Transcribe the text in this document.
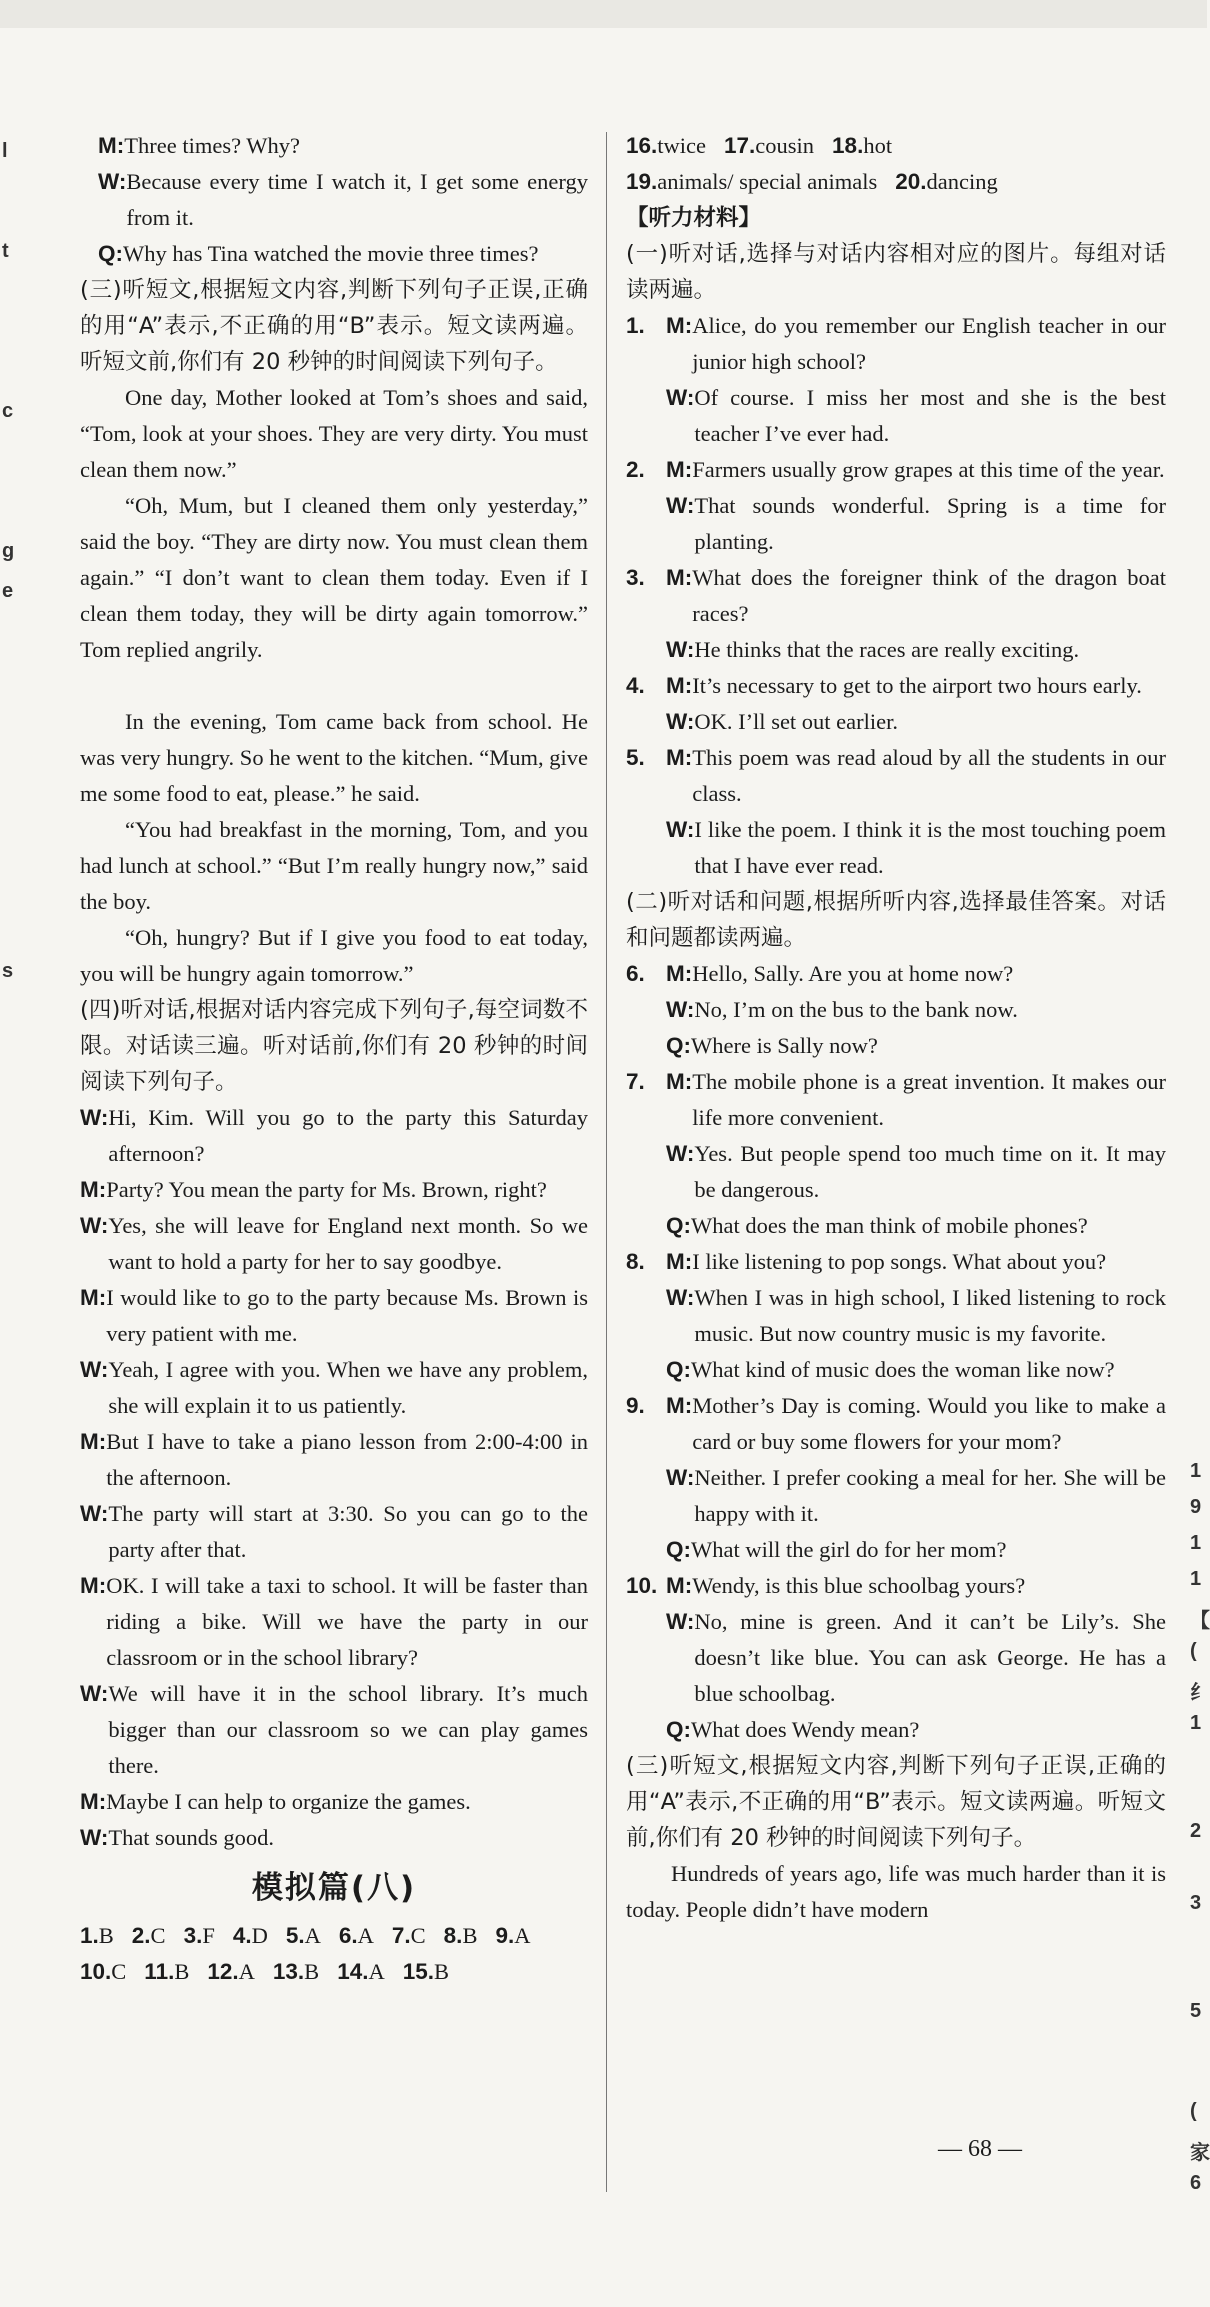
M: Three times? Why?
W: Because every time I watch it, I get some energy from it.
Q: Why has Tina watched the movie three times?
(三)听短文,根据短文内容,判断下列句子正误,正确的用“A”表示,不正确的用“B”表示。短文读两遍。听短文前,你们有 20 秒钟的时间阅读下列句子。
One day, Mother looked at Tom’s shoes and said, “Tom, look at your shoes. They are very dirty. You must clean them now.”
“Oh, Mum, but I cleaned them only yesterday,” said the boy. “They are dirty now. You must clean them again.” “I don’t want to clean them today. Even if I clean them today, they will be dirty again tomorrow.” Tom replied angrily.
In the evening, Tom came back from school. He was very hungry. So he went to the kitchen. “Mum, give me some food to eat, please.” he said.
“You had breakfast in the morning, Tom, and you had lunch at school.” “But I’m really hungry now,” said the boy.
“Oh, hungry? But if I give you food to eat today, you will be hungry again tomorrow.”
(四)听对话,根据对话内容完成下列句子,每空词数不限。对话读三遍。听对话前,你们有 20 秒钟的时间阅读下列句子。
W: Hi, Kim. Will you go to the party this Saturday afternoon?
M: Party? You mean the party for Ms. Brown, right?
W: Yes, she will leave for England next month. So we want to hold a party for her to say goodbye.
M: I would like to go to the party because Ms. Brown is very patient with me.
W: Yeah, I agree with you. When we have any problem, she will explain it to us patiently.
M: But I have to take a piano lesson from 2:00-4:00 in the afternoon.
W: The party will start at 3:30. So you can go to the party after that.
M: OK. I will take a taxi to school. It will be faster than riding a bike. Will we have the party in our classroom or in the school library?
W: We will have it in the school library. It’s much bigger than our classroom so we can play games there.
M: Maybe I can help to organize the games.
W: That sounds good.
模拟篇(八)
1.B 2.C 3.F 4.D 5.A 6.A 7.C 8.B 9.A
10.C 11.B 12.A 13.B 14.A 15.B
16.twice 17.cousin 18.hot
19.animals/ special animals 20.dancing
【听力材料】
(一)听对话,选择与对话内容相对应的图片。每组对话读两遍。
1. M: Alice, do you remember our English teacher in our junior high school?
W: Of course. I miss her most and she is the best teacher I’ve ever had.
2. M: Farmers usually grow grapes at this time of the year.
W: That sounds wonderful. Spring is a time for planting.
3. M: What does the foreigner think of the dragon boat races?
W: He thinks that the races are really exciting.
4. M: It’s necessary to get to the airport two hours early.
W: OK. I’ll set out earlier.
5. M: This poem was read aloud by all the students in our class.
W: I like the poem. I think it is the most touching poem that I have ever read.
(二)听对话和问题,根据所听内容,选择最佳答案。对话和问题都读两遍。
6. M: Hello, Sally. Are you at home now?
W: No, I’m on the bus to the bank now.
Q: Where is Sally now?
7. M: The mobile phone is a great invention. It makes our life more convenient.
W: Yes. But people spend too much time on it. It may be dangerous.
Q: What does the man think of mobile phones?
8. M: I like listening to pop songs. What about you?
W: When I was in high school, I liked listening to rock music. But now country music is my favorite.
Q: What kind of music does the woman like now?
9. M: Mother’s Day is coming. Would you like to make a card or buy some flowers for your mom?
W: Neither. I prefer cooking a meal for her. She will be happy with it.
Q: What will the girl do for her mom?
10. M: Wendy, is this blue schoolbag yours?
W: No, mine is green. And it can’t be Lily’s. She doesn’t like blue. You can ask George. He has a blue schoolbag.
Q: What does Wendy mean?
(三)听短文,根据短文内容,判断下列句子正误,正确的用“A”表示,不正确的用“B”表示。短文读两遍。听短文前,你们有 20 秒钟的时间阅读下列句子。
Hundreds of years ago, life was much harder than it is today. People didn’t have modern
— 68 —
l
t
c
g
e
s
1
9
1
1
【
(
纟
1
2
3
5
(
家
6
